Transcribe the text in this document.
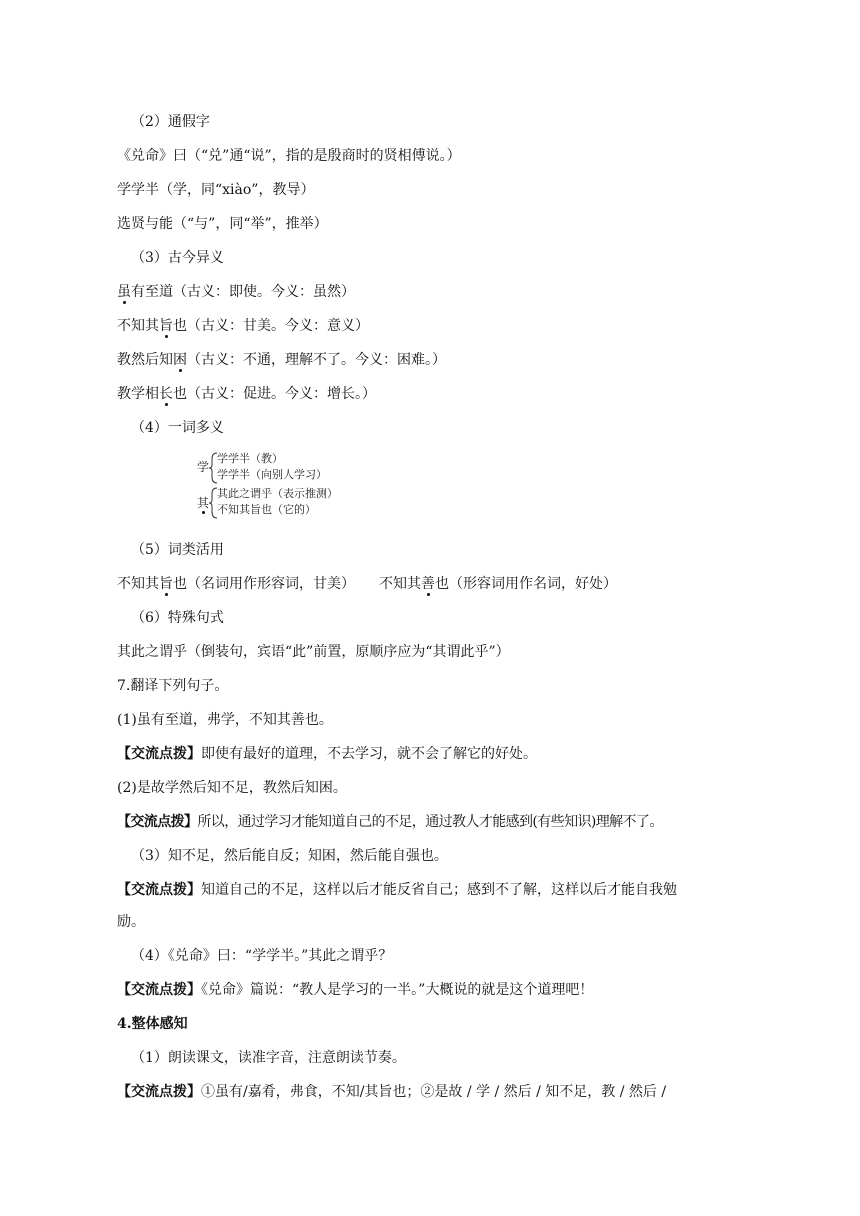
（2）通假字
《兑命》曰（“兑”通“说”，指的是殷商时的贤相傅说。）
学学半（学，同“xiào”，教导）
选贤与能（“与”，同“举”，推举）
（3）古今异义
虽有至道（古义：即使。今义：虽然）
不知其旨也（古义：甘美。今义：意义）
教然后知困（古义：不通，理解不了。今义：困难。）
教学相长也（古义：促进。今义：增长。）
（4）一词多义
学
学学半（教）
学学半（向别人学习）
其
其此之谓乎（表示推测）
不知其旨也（它的）
（5）词类活用
不知其旨也（名词用作形容词，甘美） 不知其善也（形容词用作名词，好处）
（6）特殊句式
其此之谓乎（倒装句，宾语“此”前置，原顺序应为“其谓此乎”）
7.翻译下列句子。
(1)虽有至道，弗学，不知其善也。
【交流点拨】即使有最好的道理，不去学习，就不会了解它的好处。
(2)是故学然后知不足，教然后知困。
【交流点拨】所以，通过学习才能知道自己的不足，通过教人才能感到(有些知识)理解不了。
（3）知不足，然后能自反；知困，然后能自强也。
【交流点拨】知道自己的不足，这样以后才能反省自己；感到不了解，这样以后才能自我勉
励。
（4）《兑命》曰：“学学半。”其此之谓乎？
【交流点拨】《兑命》篇说：“教人是学习的一半。”大概说的就是这个道理吧！
4.整体感知
（1）朗读课文，读准字音，注意朗读节奏。
【交流点拨】①虽有/嘉肴，弗食，不知/其旨也；②是故 / 学 / 然后 / 知不足，教 / 然后 /
